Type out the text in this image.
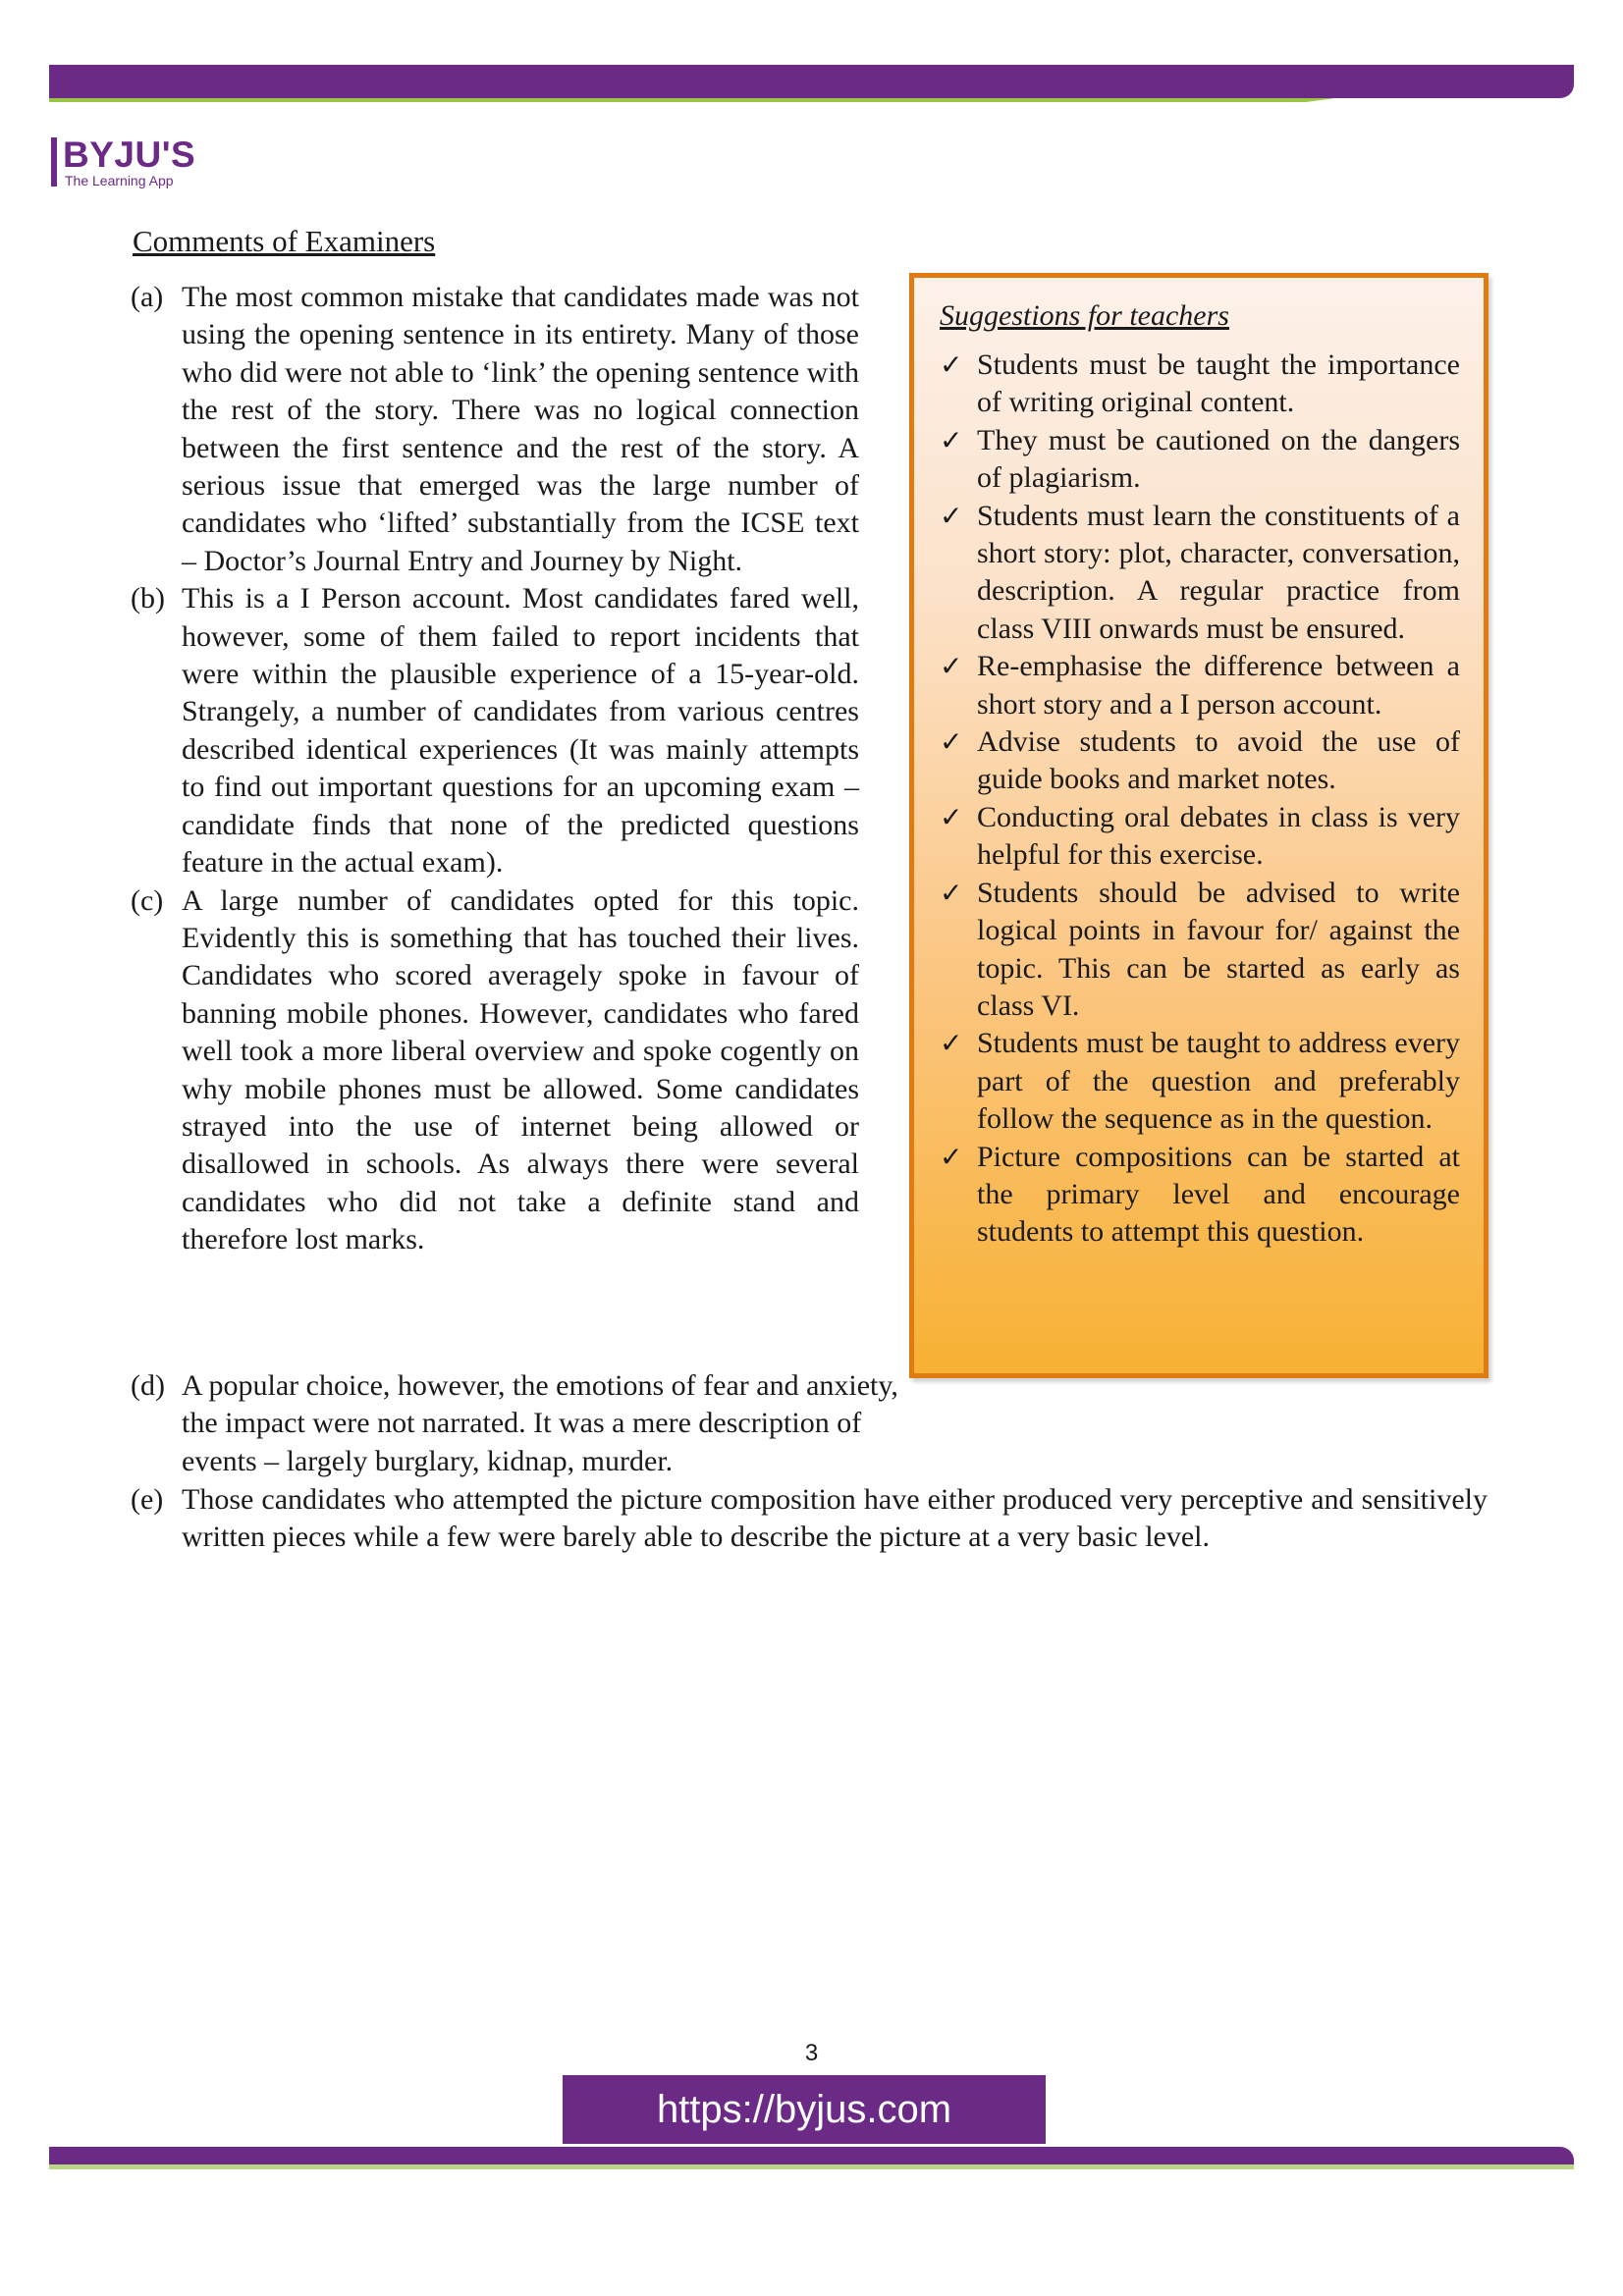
BYJU'S
The Learning App
Comments of Examiners
(a) The most common mistake that candidates made was not using the opening sentence in its entirety. Many of those who did were not able to ‘link’ the opening sentence with the rest of the story. There was no logical connection between the first sentence and the rest of the story. A serious issue that emerged was the large number of candidates who ‘lifted’ substantially from the ICSE text – Doctor’s Journal Entry and Journey by Night.
(b) This is a I Person account. Most candidates fared well, however, some of them failed to report incidents that were within the plausible experience of a 15-year-old. Strangely, a number of candidates from various centres described identical experiences (It was mainly attempts to find out important questions for an upcoming exam – candidate finds that none of the predicted questions feature in the actual exam).
(c) A large number of candidates opted for this topic. Evidently this is something that has touched their lives. Candidates who scored averagely spoke in favour of banning mobile phones. However, candidates who fared well took a more liberal overview and spoke cogently on why mobile phones must be allowed. Some candidates strayed into the use of internet being allowed or disallowed in schools. As always there were several candidates who did not take a definite stand and therefore lost marks.
(d) A popular choice, however, the emotions of fear and anxiety, the impact were not narrated. It was a mere description of events – largely burglary, kidnap, murder.
(e) Those candidates who attempted the picture composition have either produced very perceptive and sensitively written pieces while a few were barely able to describe the picture at a very basic level.
Suggestions for teachers
✓ Students must be taught the importance of writing original content.
✓ They must be cautioned on the dangers of plagiarism.
✓ Students must learn the constituents of a short story: plot, character, conversation, description. A regular practice from class VIII onwards must be ensured.
✓ Re-emphasise the difference between a short story and a I person account.
✓ Advise students to avoid the use of guide books and market notes.
✓ Conducting oral debates in class is very helpful for this exercise.
✓ Students should be advised to write logical points in favour for/ against the topic. This can be started as early as class VI.
✓ Students must be taught to address every part of the question and preferably follow the sequence as in the question.
✓ Picture compositions can be started at the primary level and encourage students to attempt this question.
3
https://byjus.com
